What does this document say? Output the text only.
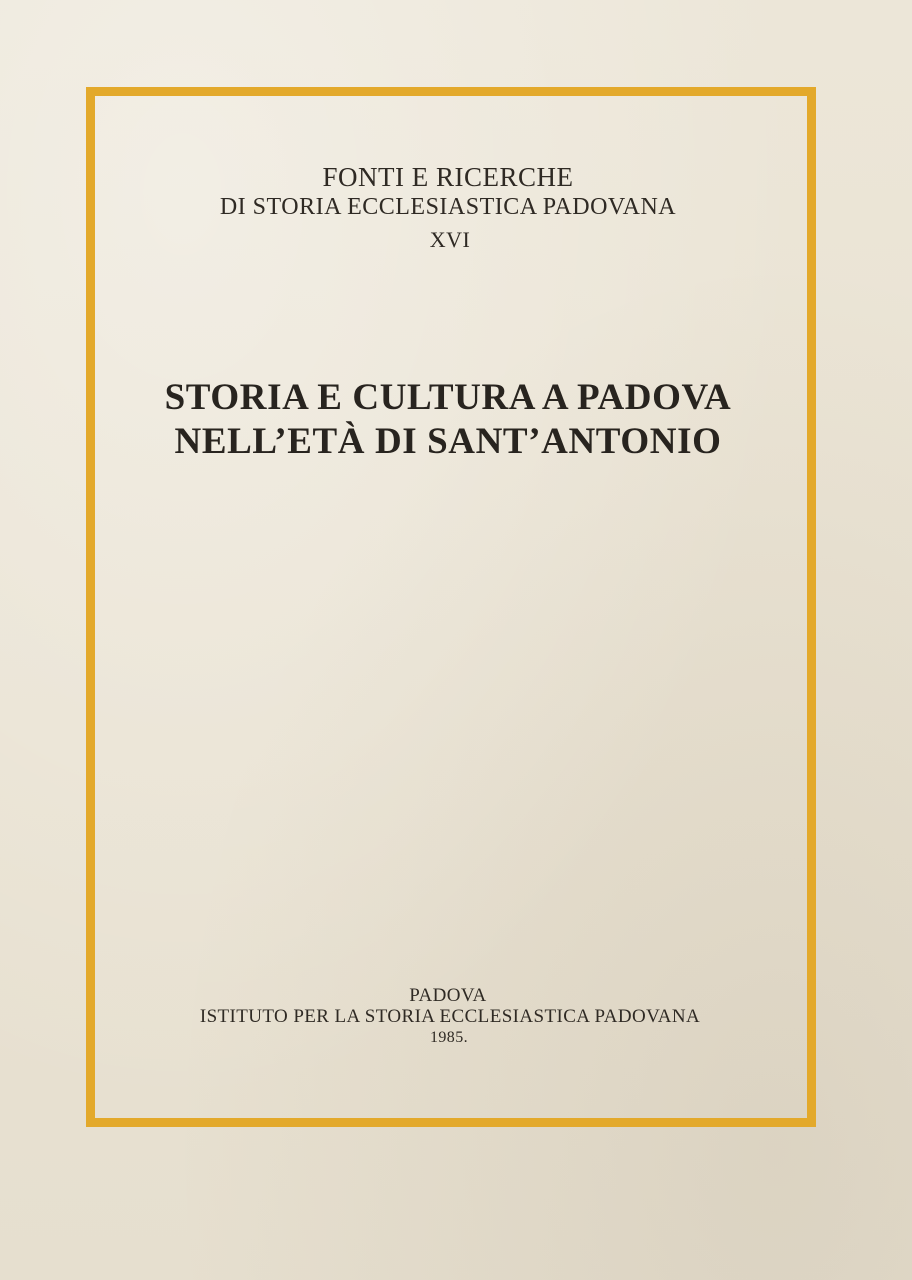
FONTI E RICERCHE
DI STORIA ECCLESIASTICA PADOVANA
XVI
STORIA E CULTURA A PADOVA
NELL’ETÀ DI SANT’ANTONIO
PADOVA
ISTITUTO PER LA STORIA ECCLESIASTICA PADOVANA
1985.
